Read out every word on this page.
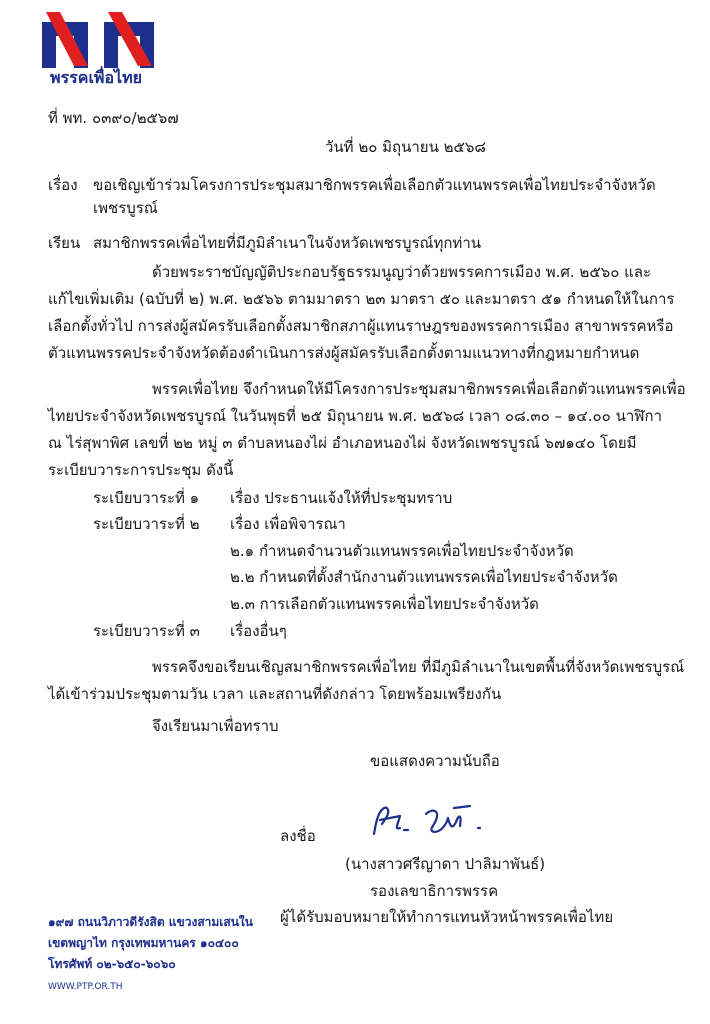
พรรคเพื่อไทย
ที่ พท. ๐๓๙๐/๒๕๖๗
วันที่ ๒๐ มิถุนายน ๒๕๖๘
เรื่อง ขอเชิญเข้าร่วมโครงการประชุมสมาชิกพรรคเพื่อเลือกตัวแทนพรรคเพื่อไทยประจำจังหวัด
เพชรบูรณ์
เรียน สมาชิกพรรคเพื่อไทยที่มีภูมิลำเนาในจังหวัดเพชรบูรณ์ทุกท่าน
ด้วยพระราชบัญญัติประกอบรัฐธรรมนูญว่าด้วยพรรคการเมือง พ.ศ. ๒๕๖๐ และ
แก้ไขเพิ่มเติม (ฉบับที่ ๒) พ.ศ. ๒๕๖๖ ตามมาตรา ๒๓ มาตรา ๕๐ และมาตรา ๕๑ กำหนดให้ในการ
เลือกตั้งทั่วไป การส่งผู้สมัครรับเลือกตั้งสมาชิกสภาผู้แทนราษฎรของพรรคการเมือง สาขาพรรคหรือ
ตัวแทนพรรคประจำจังหวัดต้องดำเนินการส่งผู้สมัครรับเลือกตั้งตามแนวทางที่กฎหมายกำหนด
พรรคเพื่อไทย จึงกำหนดให้มีโครงการประชุมสมาชิกพรรคเพื่อเลือกตัวแทนพรรคเพื่อ
ไทยประจำจังหวัดเพชรบูรณ์ ในวันพุธที่ ๒๕ มิถุนายน พ.ศ. ๒๕๖๘ เวลา ๐๘.๓๐ – ๑๔.๐๐ นาฬิกา
ณ ไร่สุพาพิศ เลขที่ ๒๒ หมู่ ๓ ตำบลหนองไผ่ อำเภอหนองไผ่ จังหวัดเพชรบูรณ์ ๖๗๑๔๐ โดยมี
ระเบียบวาระการประชุม ดังนี้
ระเบียบวาระที่ ๑ เรื่อง ประธานแจ้งให้ที่ประชุมทราบ
ระเบียบวาระที่ ๒ เรื่อง เพื่อพิจารณา
๒.๑ กำหนดจำนวนตัวแทนพรรคเพื่อไทยประจำจังหวัด
๒.๒ กำหนดที่ตั้งสำนักงานตัวแทนพรรคเพื่อไทยประจำจังหวัด
๒.๓ การเลือกตัวแทนพรรคเพื่อไทยประจำจังหวัด
ระเบียบวาระที่ ๓ เรื่องอื่นๆ
พรรคจึงขอเรียนเชิญสมาชิกพรรคเพื่อไทย ที่มีภูมิลำเนาในเขตพื้นที่จังหวัดเพชรบูรณ์
ได้เข้าร่วมประชุมตามวัน เวลา และสถานที่ดังกล่าว โดยพร้อมเพรียงกัน
จึงเรียนมาเพื่อทราบ
ขอแสดงความนับถือ
ลงชื่อ
(นางสาวศรีญาดา ปาลิมาพันธ์)
รองเลขาธิการพรรค
ผู้ได้รับมอบหมายให้ทำการแทนหัวหน้าพรรคเพื่อไทย
๑๙๗ ถนนวิภาวดีรังสิต แขวงสามเสนใน
เขตพญาไท กรุงเทพมหานคร ๑๐๔๐๐
โทรศัพท์ ๐๒-๖๕๐-๖๐๖๐
WWW.PTP.OR.TH
